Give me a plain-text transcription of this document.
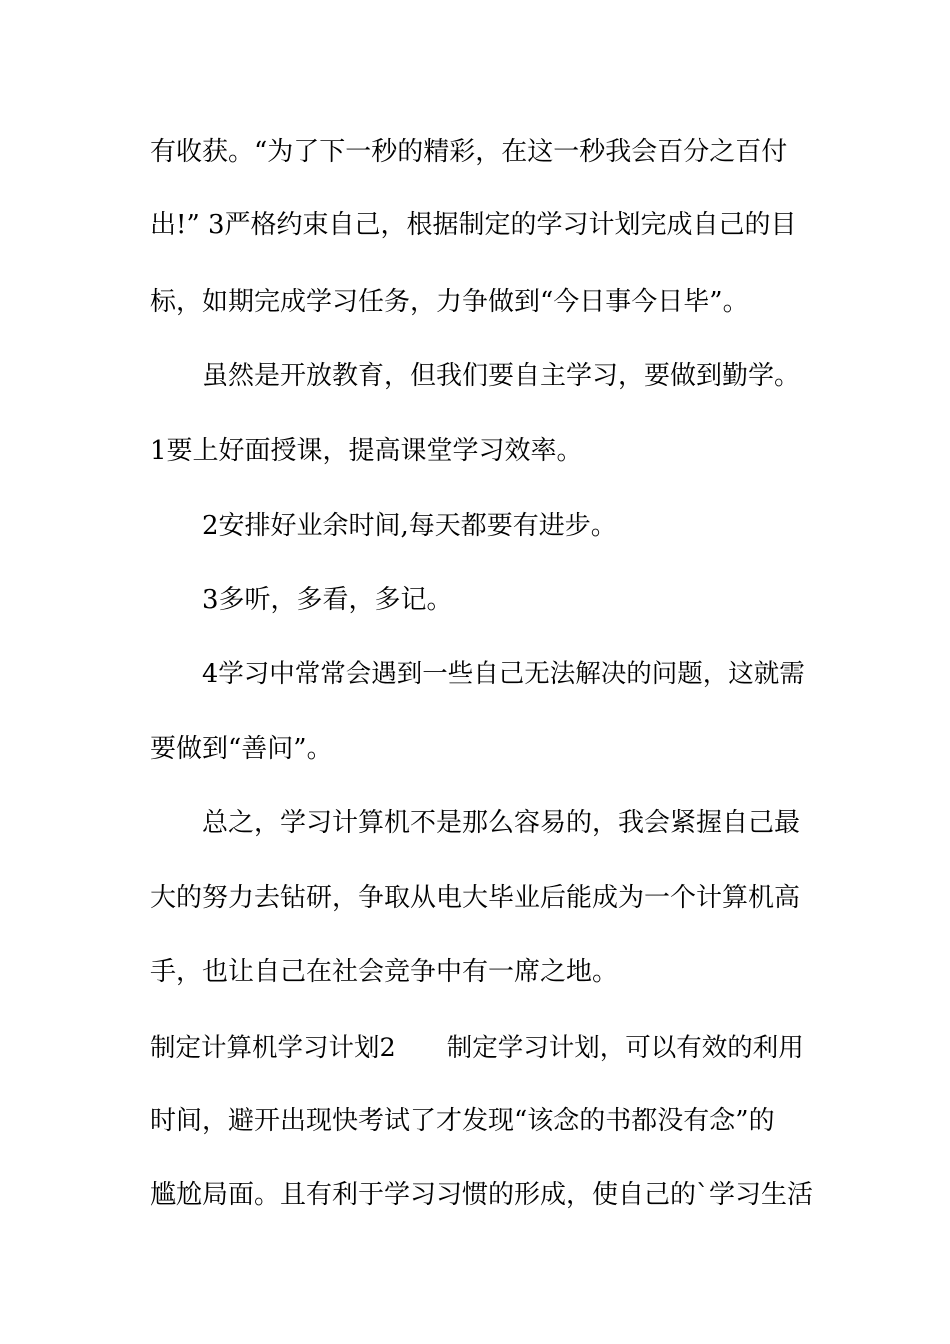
有收获。“为了下一秒的精彩，在这一秒我会百分之百付
出!” 3严格约束自己，根据制定的学习计划完成自己的目
标，如期完成学习任务，力争做到“今日事今日毕”。
虽然是开放教育，但我们要自主学习，要做到勤学。
1要上好面授课，提高课堂学习效率。
2安排好业余时间,每天都要有进步。
3多听，多看，多记。
4学习中常常会遇到一些自己无法解决的问题，这就需
要做到“善问”。
总之，学习计算机不是那么容易的，我会紧握自己最
大的努力去钻研，争取从电大毕业后能成为一个计算机高
手，也让自己在社会竞争中有一席之地。
制定计算机学习计划2　　制定学习计划，可以有效的利用
时间，避开出现快考试了才发现“该念的书都没有念”的
尴尬局面。且有利于学习习惯的形成，使自己的`学习生活
